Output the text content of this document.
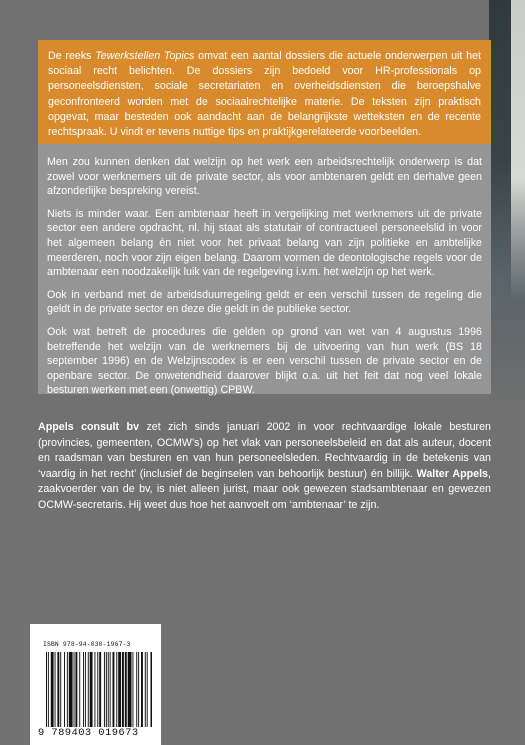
De reeks Tewerkstellen Topics omvat een aantal dossiers die actuele onderwerpen uit het sociaal recht belichten. De dossiers zijn bedoeld voor HR-professionals op personeelsdiensten, sociale secretariaten en overheidsdiensten die beroepshalve geconfronteerd worden met de sociaalrechtelijke materie. De teksten zijn praktisch opgevat, maar besteden ook aandacht aan de belangrijkste wetteksten en de recente rechtspraak. U vindt er tevens nuttige tips en praktijkgerelateerde voorbeelden.

Men zou kunnen denken dat welzijn op het werk een arbeidsrechtelijk onderwerp is dat zowel voor werknemers uit de private sector, als voor ambtenaren geldt en derhalve geen afzonderlijke bespreking vereist.

Niets is minder waar. Een ambtenaar heeft in vergelijking met werknemers uit de private sector een andere opdracht, nl. hij staat als statutair of contractueel personeelslid in voor het algemeen belang én niet voor het privaat belang van zijn politieke en ambtelijke meerderen, noch voor zijn eigen belang. Daarom vormen de deontologische regels voor de ambtenaar een noodzakelijk luik van de regelgeving i.v.m. het welzijn op het werk.

Ook in verband met de arbeidsduurregeling geldt er een verschil tussen de regeling die geldt in de private sector en deze die geldt in de publieke sector.

Ook wat betreft de procedures die gelden op grond van wet van 4 augustus 1996 betreffende het welzijn van de werknemers bij de uitvoering van hun werk (BS 18 september 1996) en de Welzijnscodex is er een verschil tussen de private sector en de openbare sector. De onwetendheid daarover blijkt o.a. uit het feit dat nog veel lokale besturen werken met een (onwettig) CPBW.

Appels consult bv zet zich sinds januari 2002 in voor rechtvaardige lokale besturen (provincies, gemeenten, OCMW’s) op het vlak van personeelsbeleid en dat als auteur, docent en raadsman van besturen en van hun personeelsleden. Rechtvaardig in de betekenis van ‘vaardig in het recht’ (inclusief de beginselen van behoorlijk bestuur) én billijk. Walter Appels, zaakvoerder van de bv, is niet alleen jurist, maar ook gewezen stadsambtenaar en gewezen OCMW-secretaris. Hij weet dus hoe het aanvoelt om ‘ambtenaar’ te zijn.

ISBN 978-94-030-1967-3
9 789403 019673
